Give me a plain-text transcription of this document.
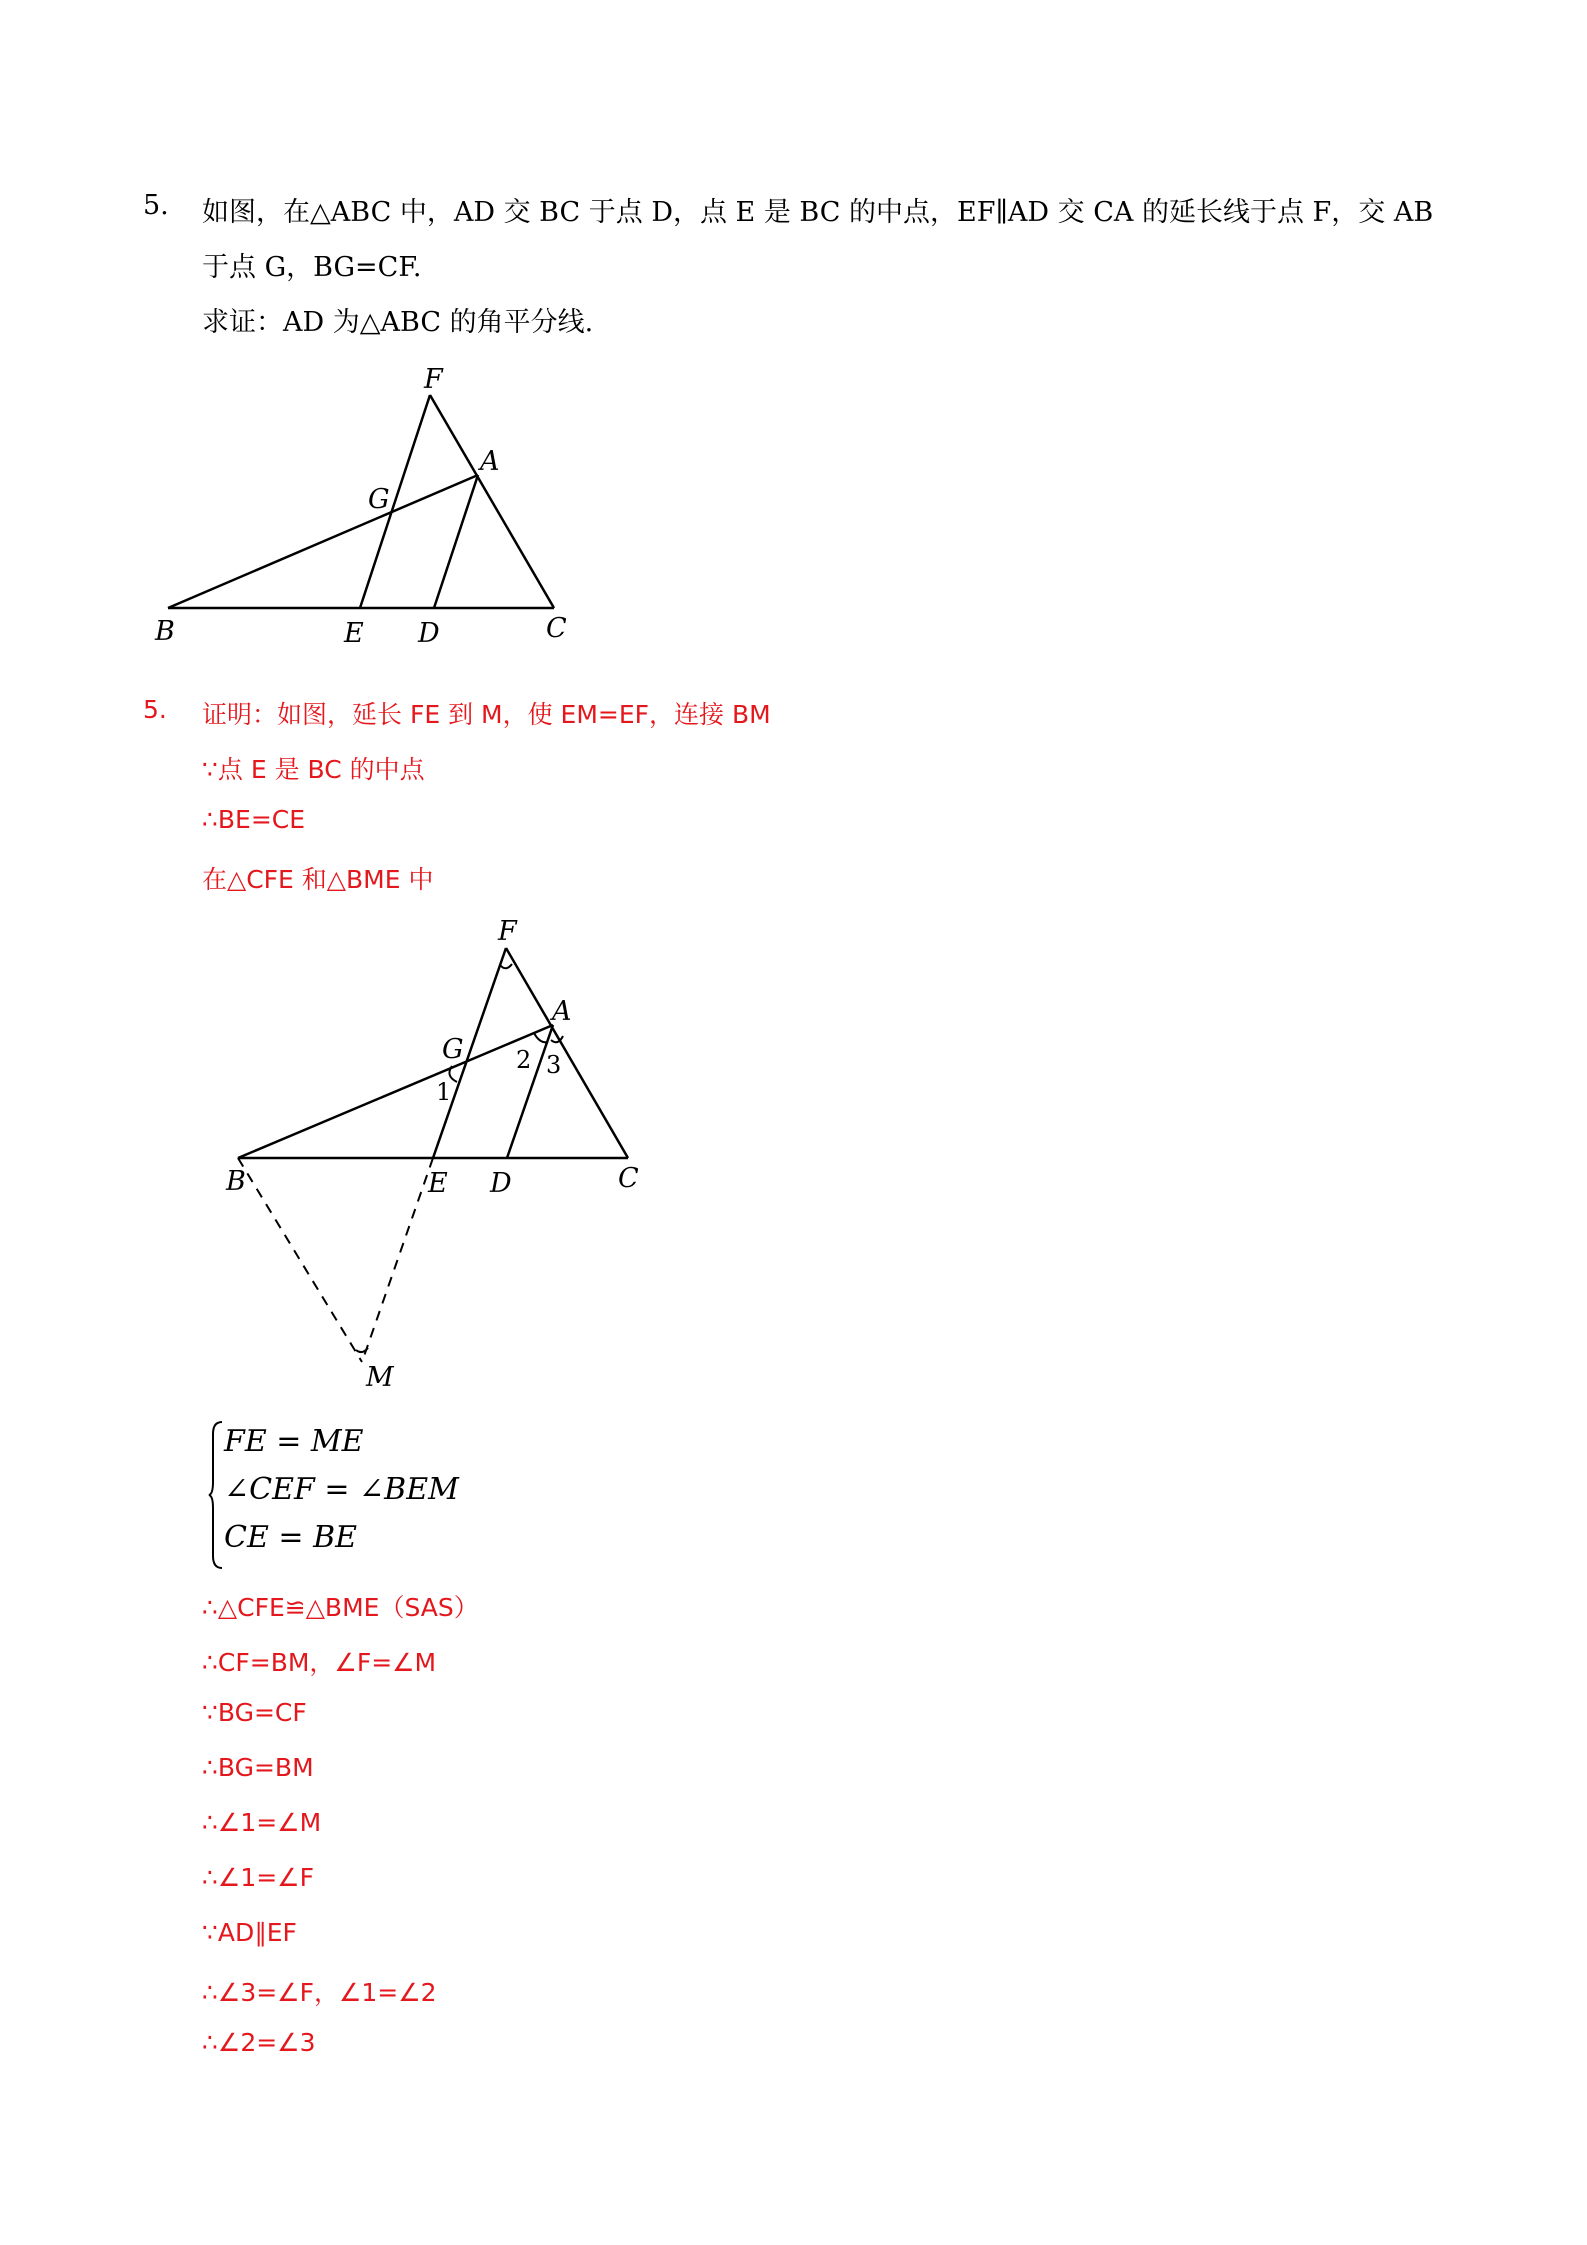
5. 如图，在△ABC 中，AD 交 BC 于点 D，点 E 是 BC 的中点，EF∥AD 交 CA 的延长线于点 F，交 AB
于点 G，BG=CF.
求证：AD 为△ABC 的角平分线.
F
A
G
B	E D	C
5. 证明：如图，延长 FE 到 M，使 EM=EF，连接 BM
∵点 E 是 BC 的中点
∴BE=CE
在△CFE 和△BME 中
F
A
G
B	E D	C
M
1
2 3
FE = ME
∠CEF = ∠BEM
CE = BE
∴△CFE≌△BME（SAS）
∴CF=BM，∠F=∠M
∵BG=CF
∴BG=BM
∴∠1=∠M
∴∠1=∠F
∵AD∥EF
∴∠3=∠F，∠1=∠2
∴∠2=∠3
